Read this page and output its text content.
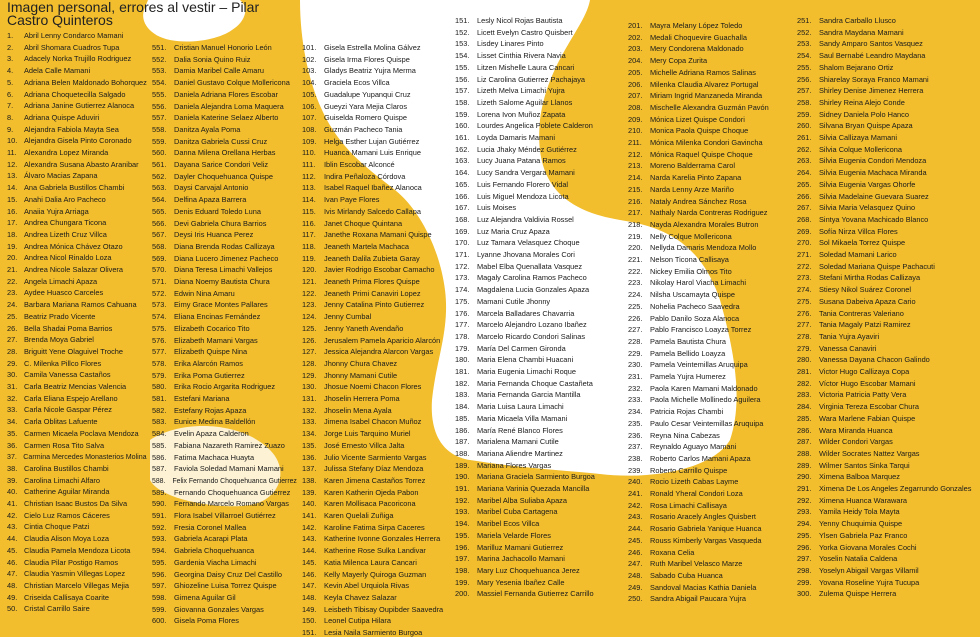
Imagen personal, errores al vestir – Pilar
Castro Quinteros
1. Abril Lenny Condarco Mamani
2. Abril Shomara Cuadros Tupa
3. Adacely Norka Trujillo Rodriguez
4. Adela Calle Mamani
5. Adriana Belen Maldonado Bohorquez
6. Adriana Choquetecilla Salgado
7. Adriana Janine Gutierrez Alanoca
8. Adriana Quispe Aduviri
9. Alejandra Fabiola Mayta Sea
10. Alejandra Gisela Pinto Coronado
11. Alexandra Lopez Miranda
12. Alexandra Susana Abasto Aranibar
13. Álvaro Macias Zapana
14. Ana Gabriela Bustillos Chambi
15. Anahi Dalia Aro Pacheco
16. Anaiia Yujra Arriaga
17. Andrea Chungara Ticona
18. Andrea Lizeth Cruz Villca
19. Andrea Mónica Chávez Otazo
20. Andrea Nicol Rinaldo Loza
21. Andrea Nicole Salazar Olivera
22. Angela Limachi Apaza
23. Aydee Huasco Carceles
24. Barbara Mariana Ramos Cahuana
25. Beatriz Prado Vicente
26. Bella Shadai Poma Barrios
27. Brenda Moya Gabriel
28. Briguitt Yene Olaguivel Troche
29. C. Milenka Pillco Flores
30. Camila Vanessa Castaños
31. Carla Beatriz Mencias Valencia
32. Carla Eliana Espejo Arellano
33. Carla Nicole Gaspar Pérez
34. Carla Oblitas Lafuente
35. Carmen Micaela Poclava Mendoza
36. Carmen Rosa Tito Salva
37. Carmina Mercedes Monasterios Molina
38. Carolina Bustillos Chambi
39. Carolina Limachi Alfaro
40. Catherine Aguilar Miranda
41. Christian Isaac Bustos Da Silva
42. Cielo Luz Ramos Cáceres
43. Cintia Choque Patzi
44. Claudia Alison Moya Loza
45. Claudia Pamela Mendoza Licota
46. Claudia Pilar Postigo Ramos
47. Claudia Yasmin Villegas Lopez
48. Christian Marcelo Villegas Mejia
49. Criseida Callisaya Coarite
50. Cristal Carrillo Saire
551. Cristian Manuel Honorio León
552. Dalia Sonia Quino Ruiz
553. Damia Maribel Calle Amaru
554. Daniel Gustavo Colque Mollericona
555. Daniela Adriana Flores Escobar
556. Daniela Alejandra Loma Maquera
557. Daniela Katerine Selaez Alberto
558. Danitza Ayala Poma
559. Danitza Gabriela Cussi Cruz
560. Danna Milena Orellana Herbas
561. Dayana Sarice Condori Veliz
562. Dayler Choquehuanca Quispe
563. Daysi Carvajal Antonio
564. Delfina Apaza Barrera
565. Denis Eduard Toledo Luna
566. Devi Gabriela Chura Barrios
567. Deysi Iris Huanca Perez
568. Diana Brenda Rodas Callizaya
569. Diana Lucero Jimenez Pacheco
570. Diana Teresa Limachi Vallejos
571. Diana Noemy Bautista Chura
572. Edwin Nina Amaru
573. Eimy Grace Montes Pallares
574. Eliana Encinas Fernández
575. Elizabeth Cocarico Tito
576. Elizabeth Mamani Vargas
577. Elizabeth Quispe Nina
578. Erika Alarcón Ramos
579. Erika Poma Gutierrez
580. Erika Rocio Argarita Rodriguez
581. Estefani Mariana
582. Estefany Rojas Apaza
583. Eunice Medina Baldellón
584. Evelin Apaza Calderon
585. Fabiana Nazareth Ramirez Zuazo
586. Fatima Machaca Huayta
587. Faviola Soledad Mamani Mamani
588. Felix Fernando Choquehuanca Gutierrez
589. Fernando Choquehuanca Gutierrez
590. Fernando Marcelo Romano Vargas
591. Flora Isabel Villarroel Gutiérrez
592. Fresia Coronel Mallea
593. Gabriela Acarapi Plata
594. Gabriela Choquehuanca
595. Gardenia Viacha Limachi
596. Georgina Daisy Cruz Del Castillo
597. Ghiozeline Luisa Torrez Quispe
598. Gimena Aguilar Gil
599. Giovanna Gonzales Vargas
600. Gisela Poma Flores
101. Gisela Estrella Molina Gálvez
102. Gisela Irma Flores Quispe
103. Gladys Beatriz Yujra Merma
104. Graciela Ecos Villca
105. Guadalupe Yupanqui Cruz
106. Gueyzi Yara Mejia Claros
107. Guiselda Romero Quispe
108. Guzmán Pacheco Tania
109. Helga Esther Lujan Gutiérrez
110. Huanca Mamani Luis Enrique
111. Iblin Escobar Alconcé
112. Indira Peñaloza Córdova
113. Isabel Raquel Ibañez Alanoca
114. Ivan Paye Flores
115. Ivis Mirlandy Salcedo Callapa
116. Janet Choque Quintana
117. Janethe Roxana Mamani Quispe
118. Jeaneth Martela Machaca
119. Jeaneth Dalila Zubieta Garay
120. Javier Rodrigo Escobar Camacho
121. Jeaneth Prima Flores Quispe
122. Jeaneth Primi Canaviri Lopez
123. Jenny Catalina Pinto Gutierrez
124. Jenny Cumbal
125. Jenny Yaneth Avendaño
126. Jerusalem Pamela Aparicio Alarcón
127. Jessica Alejandra Alarcon Vargas
128. Jhonny Chura Chavez
129. Jhonny Mamani Cutile
130. Jhosue Noemi Chacon Flores
131. Jhoselin Herrera Poma
132. Jhoselin Mena Ayala
133. Jimena Isabel Chacon Muñoz
134. Jorge Luis Tarquino Muriel
135. José Ernesto Villca Jalta
136. Julio Vicente Sarmiento Vargas
137. Julissa Stefany Díaz Mendoza
138. Karen Jimena Castaños Torrez
139. Karen Katherin Ojeda Pabon
140. Karen Mollisaca Pacoricona
141. Karen Quelali Zuñiga
142. Karoline Fatima Sirpa Caceres
143. Katherine Ivonne Gonzales Herrera
144. Katherine Rose Sulka Landivar
145. Katia Milenca Laura Cancari
146. Kelly Mayerly Quiroga Guzman
147. Kevin Abel Urquiola Rivas
148. Keyla Chavez Salazar
149. Leisbeth Tibisay Oupibder Saavedra
150. Leonel Cutipa Hilara
151. Lesia Naila Sarmiento Burgoa
151. Lesly Nicol Rojas Bautista
152. Licett Evelyn Castro Quisbert
153. Lisdey Linares Pinto
154. Lisset Cinthia Rivera Navia
155. Litzen Mishelle Laura Cancari
156. Liz Carolina Gutierrez Pachajaya
157. Lizeth Melva Limachi Yujra
158. Lizeth Salome Aguilar Llanos
159. Lorena Ivon Muñoz Zapata
160. Lourdes Angelica Poblete Calderon
161. Loyda Damaris Mamani
162. Lucia Jhaky Méndez Gutiérrez
163. Lucy Juana Patana Ramos
164. Lucy Sandra Vergara Mamani
165. Luis Fernando Florero Vidal
166. Luis Miguel Mendoza Licota
167. Luis Moises
168. Luz Alejandra Valdivia Rossel
169. Luz Maria Cruz Apaza
170. Luz Tamara Velasquez Choque
171. Lyanne Jhovana Morales Cori
172. Mabel Elba Quenallata Vasquez
173. Magaly Carolina Ramos Pacheco
174. Magdalena Lucia Gonzales Apaza
175. Mamani Cutile Jhonny
176. Marcela Balladares Chavarria
177. Marcelo Alejandro Lozano Ibañez
178. Marcelo Ricardo Condori Salinas
179. María Del Carmen Gironda
180. Maria Elena Chambi Huacani
181. Maria Eugenia Limachi Roque
182. Maria Fernanda Choque Castañeta
183. Maria Fernanda Garcia Mantilla
184. Maria Luisa Laura Limachi
185. Maria Micaela Villa Mamani
186. María René Blanco Flores
187. Marialena Mamani Cutile
188. Mariana Aliendre Martinez
189. Mariana Flores Vargas
190. Mariana Graciela Sarmiento Burgoa
191. Mariana Varinia Quezada Mancilla
192. Maribel Alba Suliaba Apaza
193. Maribel Cuba Cartagena
194. Maribel Ecos Villca
195. Mariela Velarde Flores
196. Marilluz Mamani Gutierrez
197. Marina Jachacollo Mamani
198. Mary Luz Choquehuanca Jerez
199. Mary Yesenia Ibañez Calle
200. Massiel Fernanda Gutierrez Carrillo
201. Mayra Melany López Toledo
202. Medali Choquevire Guachalla
203. Mery Condorena Maldonado
204. Mery Copa Zurita
205. Michelle Adriana Ramos Salinas
206. Milenka Claudia Alvarez Portugal
207. Miriam Ingrid Manzaneda Miranda
208. Mischelle Alexandra Guzmán Pavón
209. Mónica Lizet Quispe Condori
210. Monica Paola Quispe Choque
211. Mónica Milenka Condori Gavincha
212. Mónica Raquel Quispe Choque
213. Moreno Balderrama Carol
214. Narda Karelia Pinto Zapana
215. Narda Lenny Arze Mariño
216. Nataly Andrea Sánchez Rosa
217. Nathaly Narda Contreras Rodriguez
218. Nayda Alexandra Morales Butron
219. Nelly Colque Mollericona
220. Nellyda Damaris Mendoza Mollo
221. Nelson Ticona Callisaya
222. Nickey Emilia Olmos Tito
223. Nikolay Harol Viacha Limachi
224. Nilsha Uscamayta Quispe
225. Nohelia Pacheco Saavedra
226. Pablo Danilo Soza Alanoca
227. Pablo Francisco Loayza Torrez
228. Pamela Bautista Chura
229. Pamela Bellido Loayza
230. Pamela Veintemillas Aruquipa
231. Pamela Yujra Humerez
232. Paola Karen Mamani Maldonado
233. Paola Michelle Mollinedo Aguilera
234. Patricia Rojas Chambi
235. Paulo Cesar Veintemillas Aruquipa
236. Reyna Nina Cabezas
237. Reynaldo Aguayo Mamani
238. Roberto Carlos Mamani Apaza
239. Roberto Carrillo Quispe
240. Rocio Lizeth Cabas Layme
241. Ronald Yheral Condori Loza
242. Rosa Limachi Callisaya
243. Rosario Aracely Angles Quisbert
244. Rosario Gabriela Yanique Huanca
245. Rouss Kimberly Vargas Vasqueda
246. Roxana Celia
247. Ruth Maribel Velasco Marze
248. Sabado Cuba Huanca
249. Sandoval Macias Kathia Daniela
250. Sandra Abigail Paucara Yujra
251. Sandra Carballo Llusco
252. Sandra Maydana Mamani
253. Sandy Amparo Santos Vasquez
254. Saul Bernabé Leandro Maydana
255. Shalom Bejarano Ortiz
256. Shiarelay Soraya Franco Mamani
257. Shirley Denise Jimenez Herrera
258. Shirley Reina Alejo Conde
259. Sidney Daniela Polo Hanco
260. Silvana Bryan Quispe Apaza
261. Silvia Callizaya Mamani
262. Silvia Colque Mollericona
263. Silvia Eugenia Condori Mendoza
264. Silvia Eugenia Machaca Miranda
265. Silvia Eugenia Vargas Ohorfe
266. Silvia Madelaine Guevara Suarez
267. Silvia Maria Velasquez Quino
268. Sintya Yovana Machicado Blanco
269. Sofía Nirza Villca Flores
270. Sol Mikaela Torrez Quispe
271. Soledad Mamani Larico
272. Soledad Mariana Quispe Pachacuti
273. Stefani Mirtha Rodas Callizaya
274. Stiesy Nikol Suárez Coronel
275. Susana Dabeiva Apaza Cario
276. Tania Contreras Valeriano
277. Tania Magaly Patzi Ramirez
278. Tania Yujra Ayaviri
279. Vanessa Canaviri
280. Vanessa Dayana Chacon Galindo
281. Victor Hugo Callizaya Copa
282. Víctor Hugo Escobar Mamani
283. Victoria Patricia Patty Vera
284. Virginia Tereza Escobar Chura
285. Wara Marlene Fabian Quispe
286. Wara Miranda Huanca
287. Wilder Condori Vargas
288. Wilder Socrates Nattez Vargas
289. Wilmer Santos Sinka Tarqui
290. Ximena Balboa Marquez
291. Ximena De Los Angeles Zegarrundo Gonzales
292. Ximena Huanca Warawara
293. Yamila Heidy Tola Mayta
294. Yenny Chuquimia Quispe
295. Ylsen Gabriela Paz Franco
296. Yorka Giovana Morales Cochi
297. Yoselin Natalia Caldena
298. Yoselyn Abigail Vargas Villamil
299. Yovana Roseline Yujra Tucupa
300. Zulema Quispe Herrera
